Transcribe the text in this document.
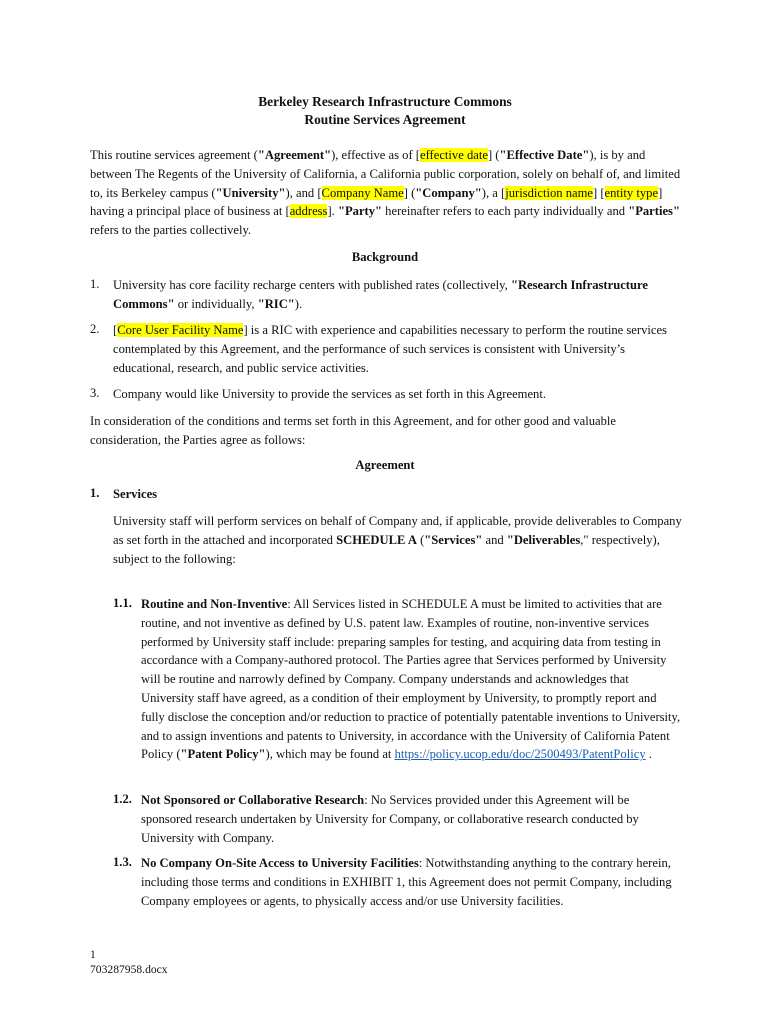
Berkeley Research Infrastructure Commons
Routine Services Agreement
This routine services agreement ("Agreement"), effective as of [effective date] ("Effective Date"), is by and between The Regents of the University of California, a California public corporation, solely on behalf of, and limited to, its Berkeley campus ("University"), and [Company Name] ("Company"), a [jurisdiction name] [entity type] having a principal place of business at [address]. "Party" hereinafter refers to each party individually and "Parties" refers to the parties collectively.
Background
1. University has core facility recharge centers with published rates (collectively, "Research Infrastructure Commons" or individually, "RIC").
2. [Core User Facility Name] is a RIC with experience and capabilities necessary to perform the routine services contemplated by this Agreement, and the performance of such services is consistent with University’s educational, research, and public service activities.
3. Company would like University to provide the services as set forth in this Agreement.
In consideration of the conditions and terms set forth in this Agreement, and for other good and valuable consideration, the Parties agree as follows:
Agreement
1. Services
University staff will perform services on behalf of Company and, if applicable, provide deliverables to Company as set forth in the attached and incorporated SCHEDULE A ("Services" and "Deliverables," respectively), subject to the following:
1.1. Routine and Non-Inventive: All Services listed in SCHEDULE A must be limited to activities that are routine, and not inventive as defined by U.S. patent law. Examples of routine, non-inventive services performed by University staff include: preparing samples for testing, and acquiring data from testing in accordance with a Company-authored protocol. The Parties agree that Services performed by University will be routine and narrowly defined by Company. Company understands and acknowledges that University staff have agreed, as a condition of their employment by University, to promptly report and fully disclose the conception and/or reduction to practice of potentially patentable inventions to University, and to assign inventions and patents to University, in accordance with the University of California Patent Policy ("Patent Policy"), which may be found at https://policy.ucop.edu/doc/2500493/PatentPolicy .
1.2. Not Sponsored or Collaborative Research: No Services provided under this Agreement will be sponsored research undertaken by University for Company, or collaborative research conducted by University with Company.
1.3. No Company On-Site Access to University Facilities: Notwithstanding anything to the contrary herein, including those terms and conditions in EXHIBIT 1, this Agreement does not permit Company, including Company employees or agents, to physically access and/or use University facilities.
1
703287958.docx
